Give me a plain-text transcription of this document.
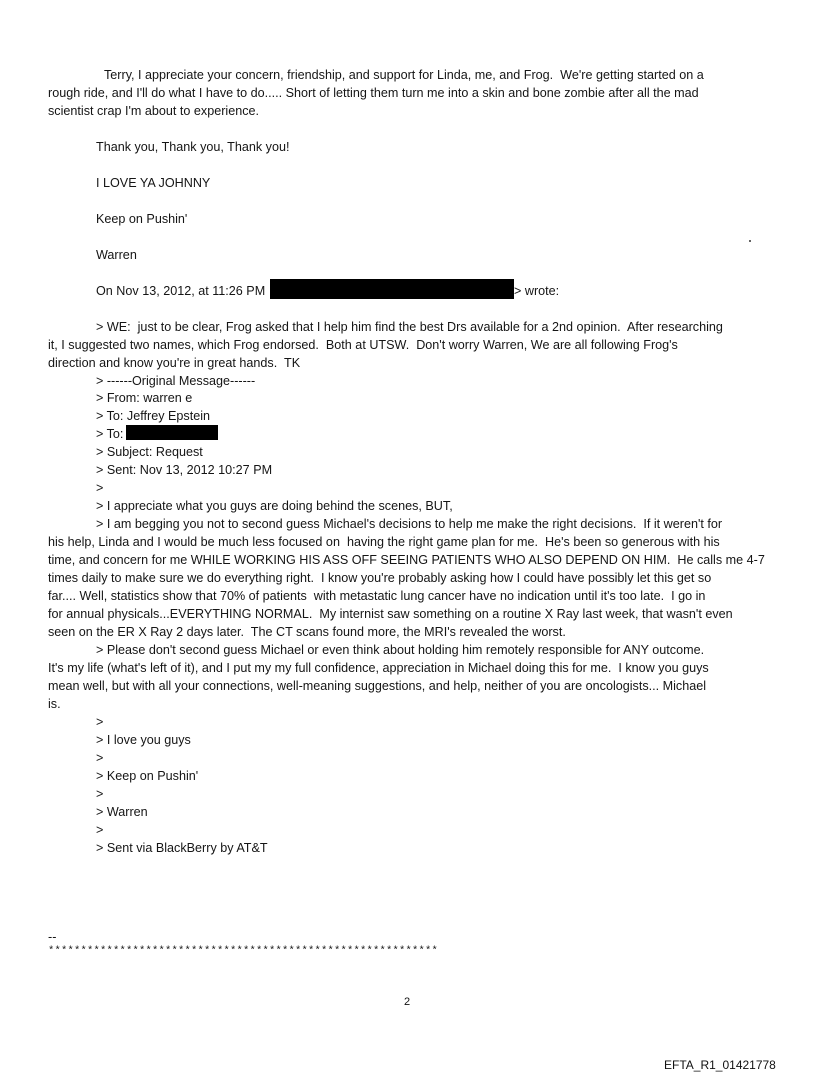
Terry, I appreciate your concern, friendship, and support for Linda, me, and Frog.  We're getting started on a
rough ride, and I'll do what I have to do..... Short of letting them turn me into a skin and bone zombie after all the mad
scientist crap I'm about to experience.
Thank you, Thank you, Thank you!
I LOVE YA JOHNNY
Keep on Pushin'
Warren
On Nov 13, 2012, at 11:26 PM	> wrote:
> WE:  just to be clear, Frog asked that I help him find the best Drs available for a 2nd opinion.  After researching
it, I suggested two names, which Frog endorsed.  Both at UTSW.  Don't worry Warren, We are all following Frog's
direction and know you're in great hands.  TK
> ------Original Message------
> From: warren e
> To: Jeffrey Epstein
> To:
> Subject: Request
> Sent: Nov 13, 2012 10:27 PM
>
> I appreciate what you guys are doing behind the scenes, BUT,
> I am begging you not to second guess Michael's decisions to help me make the right decisions.  If it weren't for
his help, Linda and I would be much less focused on  having the right game plan for me.  He's been so generous with his
time, and concern for me WHILE WORKING HIS ASS OFF SEEING PATIENTS WHO ALSO DEPEND ON HIM.  He calls me 4-7
times daily to make sure we do everything right.  I know you're probably asking how I could have possibly let this get so
far.... Well, statistics show that 70% of patients  with metastatic lung cancer have no indication until it's too late.  I go in
for annual physicals...EVERYTHING NORMAL.  My internist saw something on a routine X Ray last week, that wasn't even
seen on the ER X Ray 2 days later.  The CT scans found more, the MRI's revealed the worst.
> Please don't second guess Michael or even think about holding him remotely responsible for ANY outcome.
It's my life (what's left of it), and I put my my full confidence, appreciation in Michael doing this for me.  I know you guys
mean well, but with all your connections, well-meaning suggestions, and help, neither of you are oncologists... Michael
is.
>
> I love you guys
>
> Keep on Pushin'
>
> Warren
>
> Sent via BlackBerry by AT&T
--
************************************************************
2
EFTA_R1_01421778
